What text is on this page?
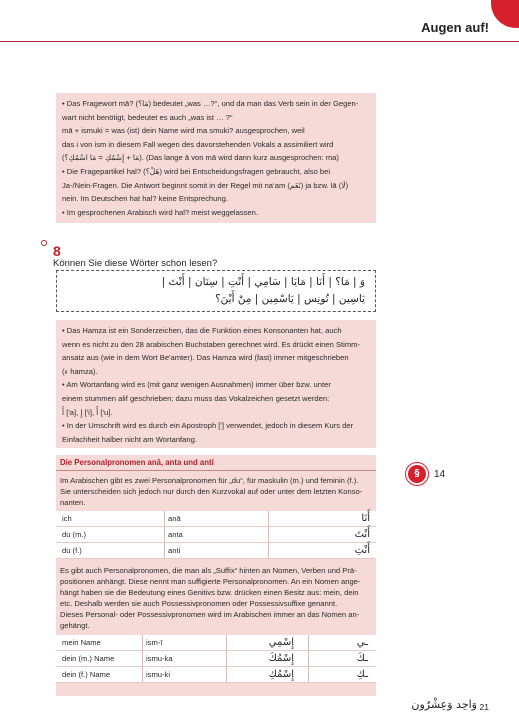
Augen auf!
• Das Fragewort mā? (مَا؟) bedeutet „was …?“, und da man das Verb sein in der Gegen-
wart nicht benötigt, bedeutet es auch „was ist … ?“
mā + ismuki = was (ist) dein Name wird ma smuki? ausgesprochen, weil
das i von ism in diesem Fall wegen des davorstehenden Vokals a assimiliert wird
(مَا + إِسْمُكِ = مَا اسْمُكِ؟). (Das lange ā von mā wird dann kurz ausgesprochen: ma)
• Die Fragepartikel hal? (هَلْ؟) wird bei Entscheidungsfragen gebraucht, also bei
Ja-/Nein-Fragen. Die Antwort beginnt somit in der Regel mit na‘am (نَعَم) ja bzw. lā (لَا)
nein. Im Deutschen hat hal? keine Entsprechung.
• Im gesprochenen Arabisch wird hal? meist weggelassen.
8
Können Sie diese Wörter schon lesen?
وَ | مَا؟ | أَنَا | مَايَا | سَامِي | أَنْتِ | سِنَان | أَنْتَ |
يَاسِين | تُونِس | يَاسْمِين | مِنْ أَيْنَ؟
• Das Hamza ist ein Sonderzeichen, das die Funktion eines Konsonanten hat, auch
wenn es nicht zu den 28 arabischen Buchstaben gerechnet wird. Es drückt einen Stimm-
ansatz aus (wie in dem Wort Be'amter). Das Hamza wird (fast) immer mitgeschrieben
(ء hamza).
• Am Wortanfang wird es (mit ganz wenigen Ausnahmen) immer über bzw. unter
einem stummen alif geschrieben; dazu muss das Vokalzeichen gesetzt werden:
أَ ['a], إِ ['i], أُ ['u].
• In der Umschrift wird es durch ein Apostroph ['] verwendet, jedoch in diesem Kurs der
Einfachheit halber nicht am Wortanfang.
Die Personalpronomen anā, anta und anti
Im Arabischen gibt es zwei Personalpronomen für „du“, für maskulin (m.) und feminin (f.).
Sie unterscheiden sich jedoch nur durch den Kurzvokal auf oder unter dem letzten Konso-
nanten.
ich	anā	أَنَا
du (m.)	anta	أَنْتَ
du (f.)	anti	أَنْتِ
Es gibt auch Personalpronomen, die man als „Suffix“ hinten an Nomen, Verben und Prä-
positionen anhängt. Diese nennt man suffigierte Personalpronomen. An ein Nomen ange-
hängt haben sie die Bedeutung eines Genitivs bzw. drücken einen Besitz aus: mein, dein
etc. Deshalb werden sie auch Possessivpronomen oder Possessivsuffixe genannt.
Dieses Personal- oder Possessivpronomen wird im Arabischen immer an das Nomen an-
gehängt.
mein Name	ism-ī	إِسْمِي	ـي
dein (m.) Name	ismu-ka	إِسْمُكَ	ـكَ
dein (f.) Name	ismu-ki	إِسْمُكِ	ـكِ
§	14
وَاحِد وَعِشْرُون 21
